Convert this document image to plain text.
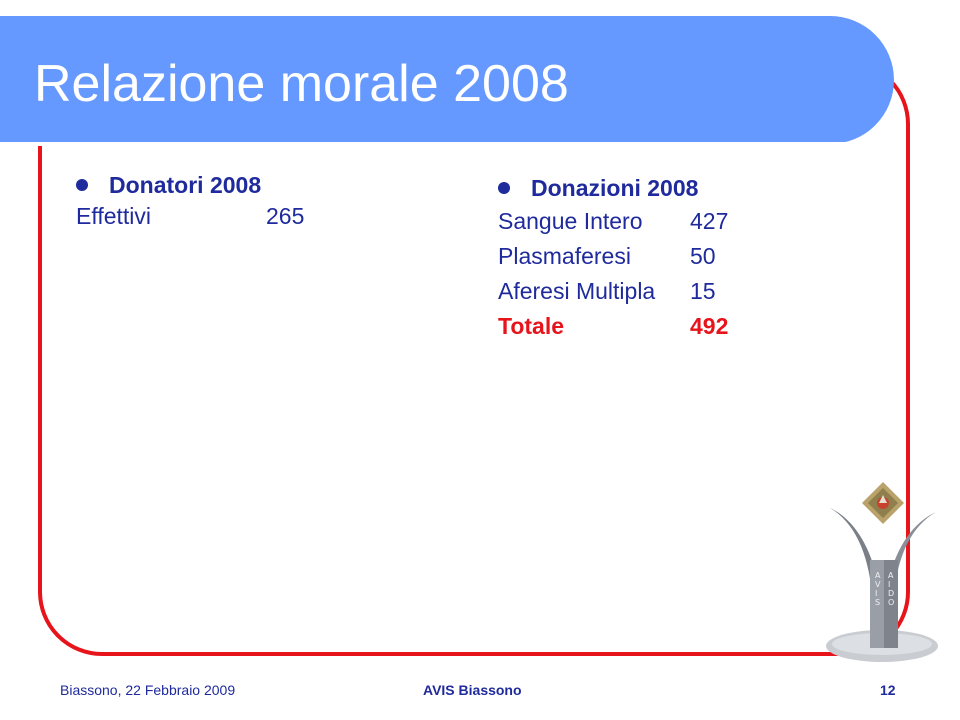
Relazione morale 2008
Donatori 2008
Effettivi	265
Donazioni 2008
Sangue Intero	427
Plasmaferesi	50
Aferesi Multipla	15
Totale	492
A V I S
A I D O
Biassono, 22 Febbraio 2009	AVIS Biassono	12
